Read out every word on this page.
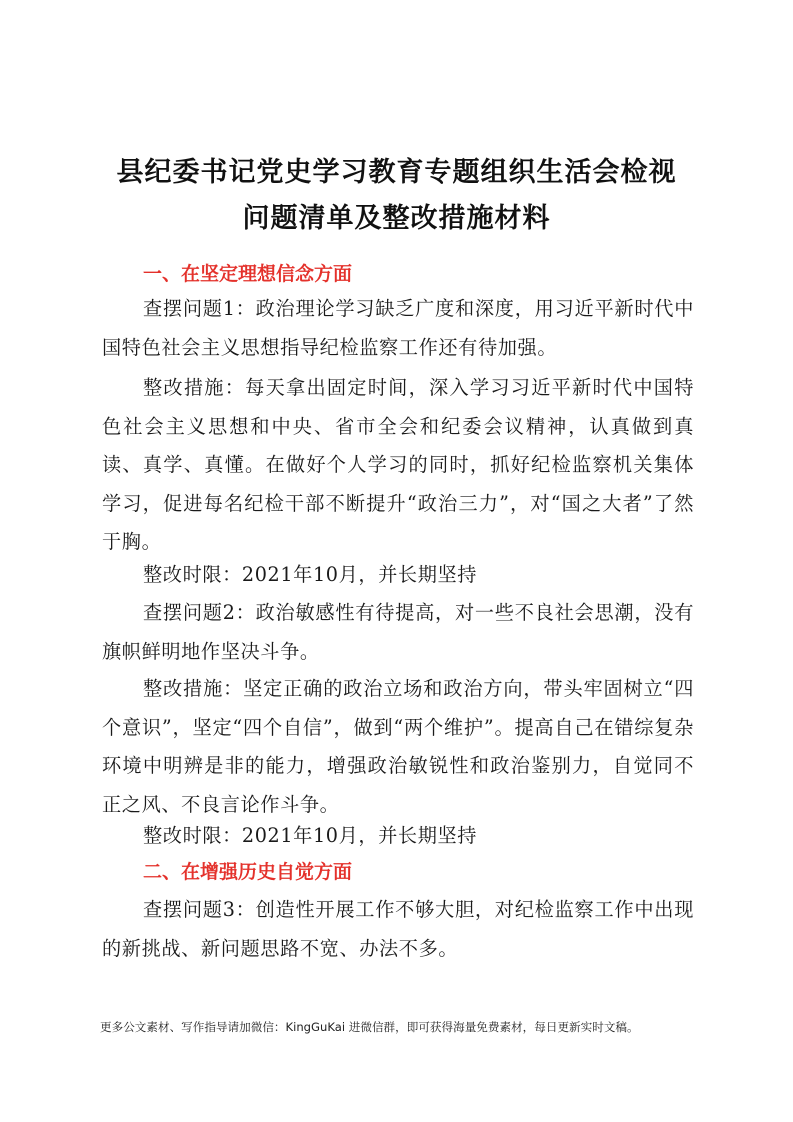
县纪委书记党史学习教育专题组织生活会检视
问题清单及整改措施材料
一、在坚定理想信念方面

查摆问题1：政治理论学习缺乏广度和深度，用习近平新时代中国特色社会主义思想指导纪检监察工作还有待加强。

整改措施：每天拿出固定时间，深入学习习近平新时代中国特色社会主义思想和中央、省市全会和纪委会议精神，认真做到真读、真学、真懂。在做好个人学习的同时，抓好纪检监察机关集体学习，促进每名纪检干部不断提升“政治三力”，对“国之大者”了然于胸。

整改时限：2021年10月，并长期坚持

查摆问题2：政治敏感性有待提高，对一些不良社会思潮，没有旗帜鲜明地作坚决斗争。

整改措施：坚定正确的政治立场和政治方向，带头牢固树立“四个意识”，坚定“四个自信”，做到“两个维护”。提高自己在错综复杂环境中明辨是非的能力，增强政治敏锐性和政治鉴别力，自觉同不正之风、不良言论作斗争。

整改时限：2021年10月，并长期坚持

二、在增强历史自觉方面

查摆问题3：创造性开展工作不够大胆，对纪检监察工作中出现的新挑战、新问题思路不宽、办法不多。

更多公文素材、写作指导请加微信：KingGuKai 进微信群，即可获得海量免费素材，每日更新实时文稿。
